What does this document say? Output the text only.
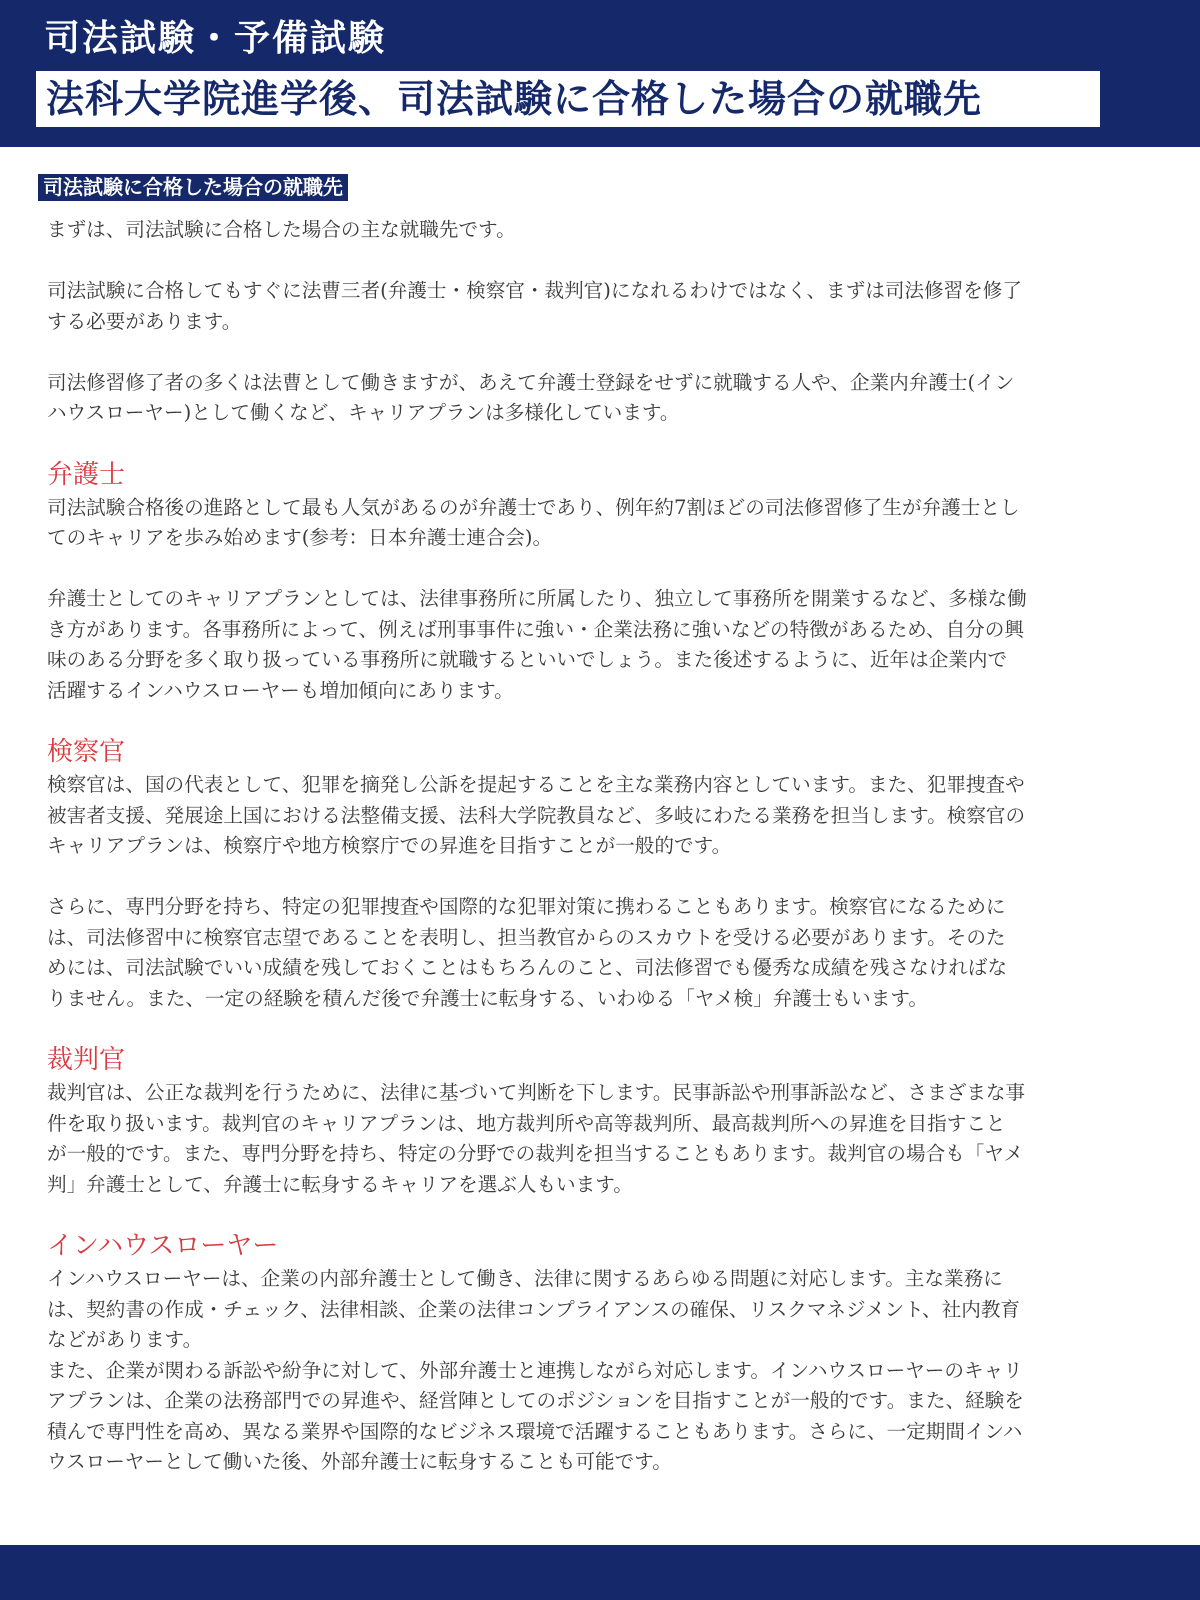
司法試験・予備試験

法科大学院進学後、司法試験に合格した場合の就職先
司法試験に合格した場合の就職先

まずは、司法試験に合格した場合の主な就職先です。

司法試験に合格してもすぐに法曹三者(弁護士・検察官・裁判官)になれるわけではなく、まずは司法修習を修了
する必要があります。

司法修習修了者の多くは法曹として働きますが、あえて弁護士登録をせずに就職する人や、企業内弁護士(イン
ハウスローヤー)として働くなど、キャリアプランは多様化しています。

弁護士

司法試験合格後の進路として最も人気があるのが弁護士であり、例年約7割ほどの司法修習修了生が弁護士とし
てのキャリアを歩み始めます(参考：日本弁護士連合会)。

弁護士としてのキャリアプランとしては、法律事務所に所属したり、独立して事務所を開業するなど、多様な働
き方があります。各事務所によって、例えば刑事事件に強い・企業法務に強いなどの特徴があるため、自分の興
味のある分野を多く取り扱っている事務所に就職するといいでしょう。また後述するように、近年は企業内で
活躍するインハウスローヤーも増加傾向にあります。

検察官

検察官は、国の代表として、犯罪を摘発し公訴を提起することを主な業務内容としています。また、犯罪捜査や
被害者支援、発展途上国における法整備支援、法科大学院教員など、多岐にわたる業務を担当します。検察官の
キャリアプランは、検察庁や地方検察庁での昇進を目指すことが一般的です。

さらに、専門分野を持ち、特定の犯罪捜査や国際的な犯罪対策に携わることもあります。検察官になるために
は、司法修習中に検察官志望であることを表明し、担当教官からのスカウトを受ける必要があります。そのた
めには、司法試験でいい成績を残しておくことはもちろんのこと、司法修習でも優秀な成績を残さなければな
りません。また、一定の経験を積んだ後で弁護士に転身する、いわゆる「ヤメ検」弁護士もいます。

裁判官

裁判官は、公正な裁判を行うために、法律に基づいて判断を下します。民事訴訟や刑事訴訟など、さまざまな事
件を取り扱います。裁判官のキャリアプランは、地方裁判所や高等裁判所、最高裁判所への昇進を目指すこと
が一般的です。また、専門分野を持ち、特定の分野での裁判を担当することもあります。裁判官の場合も「ヤメ
判」弁護士として、弁護士に転身するキャリアを選ぶ人もいます。

インハウスローヤー

インハウスローヤーは、企業の内部弁護士として働き、法律に関するあらゆる問題に対応します。主な業務に
は、契約書の作成・チェック、法律相談、企業の法律コンプライアンスの確保、リスクマネジメント、社内教育
などがあります。
また、企業が関わる訴訟や紛争に対して、外部弁護士と連携しながら対応します。インハウスローヤーのキャリ
アプランは、企業の法務部門での昇進や、経営陣としてのポジションを目指すことが一般的です。また、経験を
積んで専門性を高め、異なる業界や国際的なビジネス環境で活躍することもあります。さらに、一定期間インハ
ウスローヤーとして働いた後、外部弁護士に転身することも可能です。
